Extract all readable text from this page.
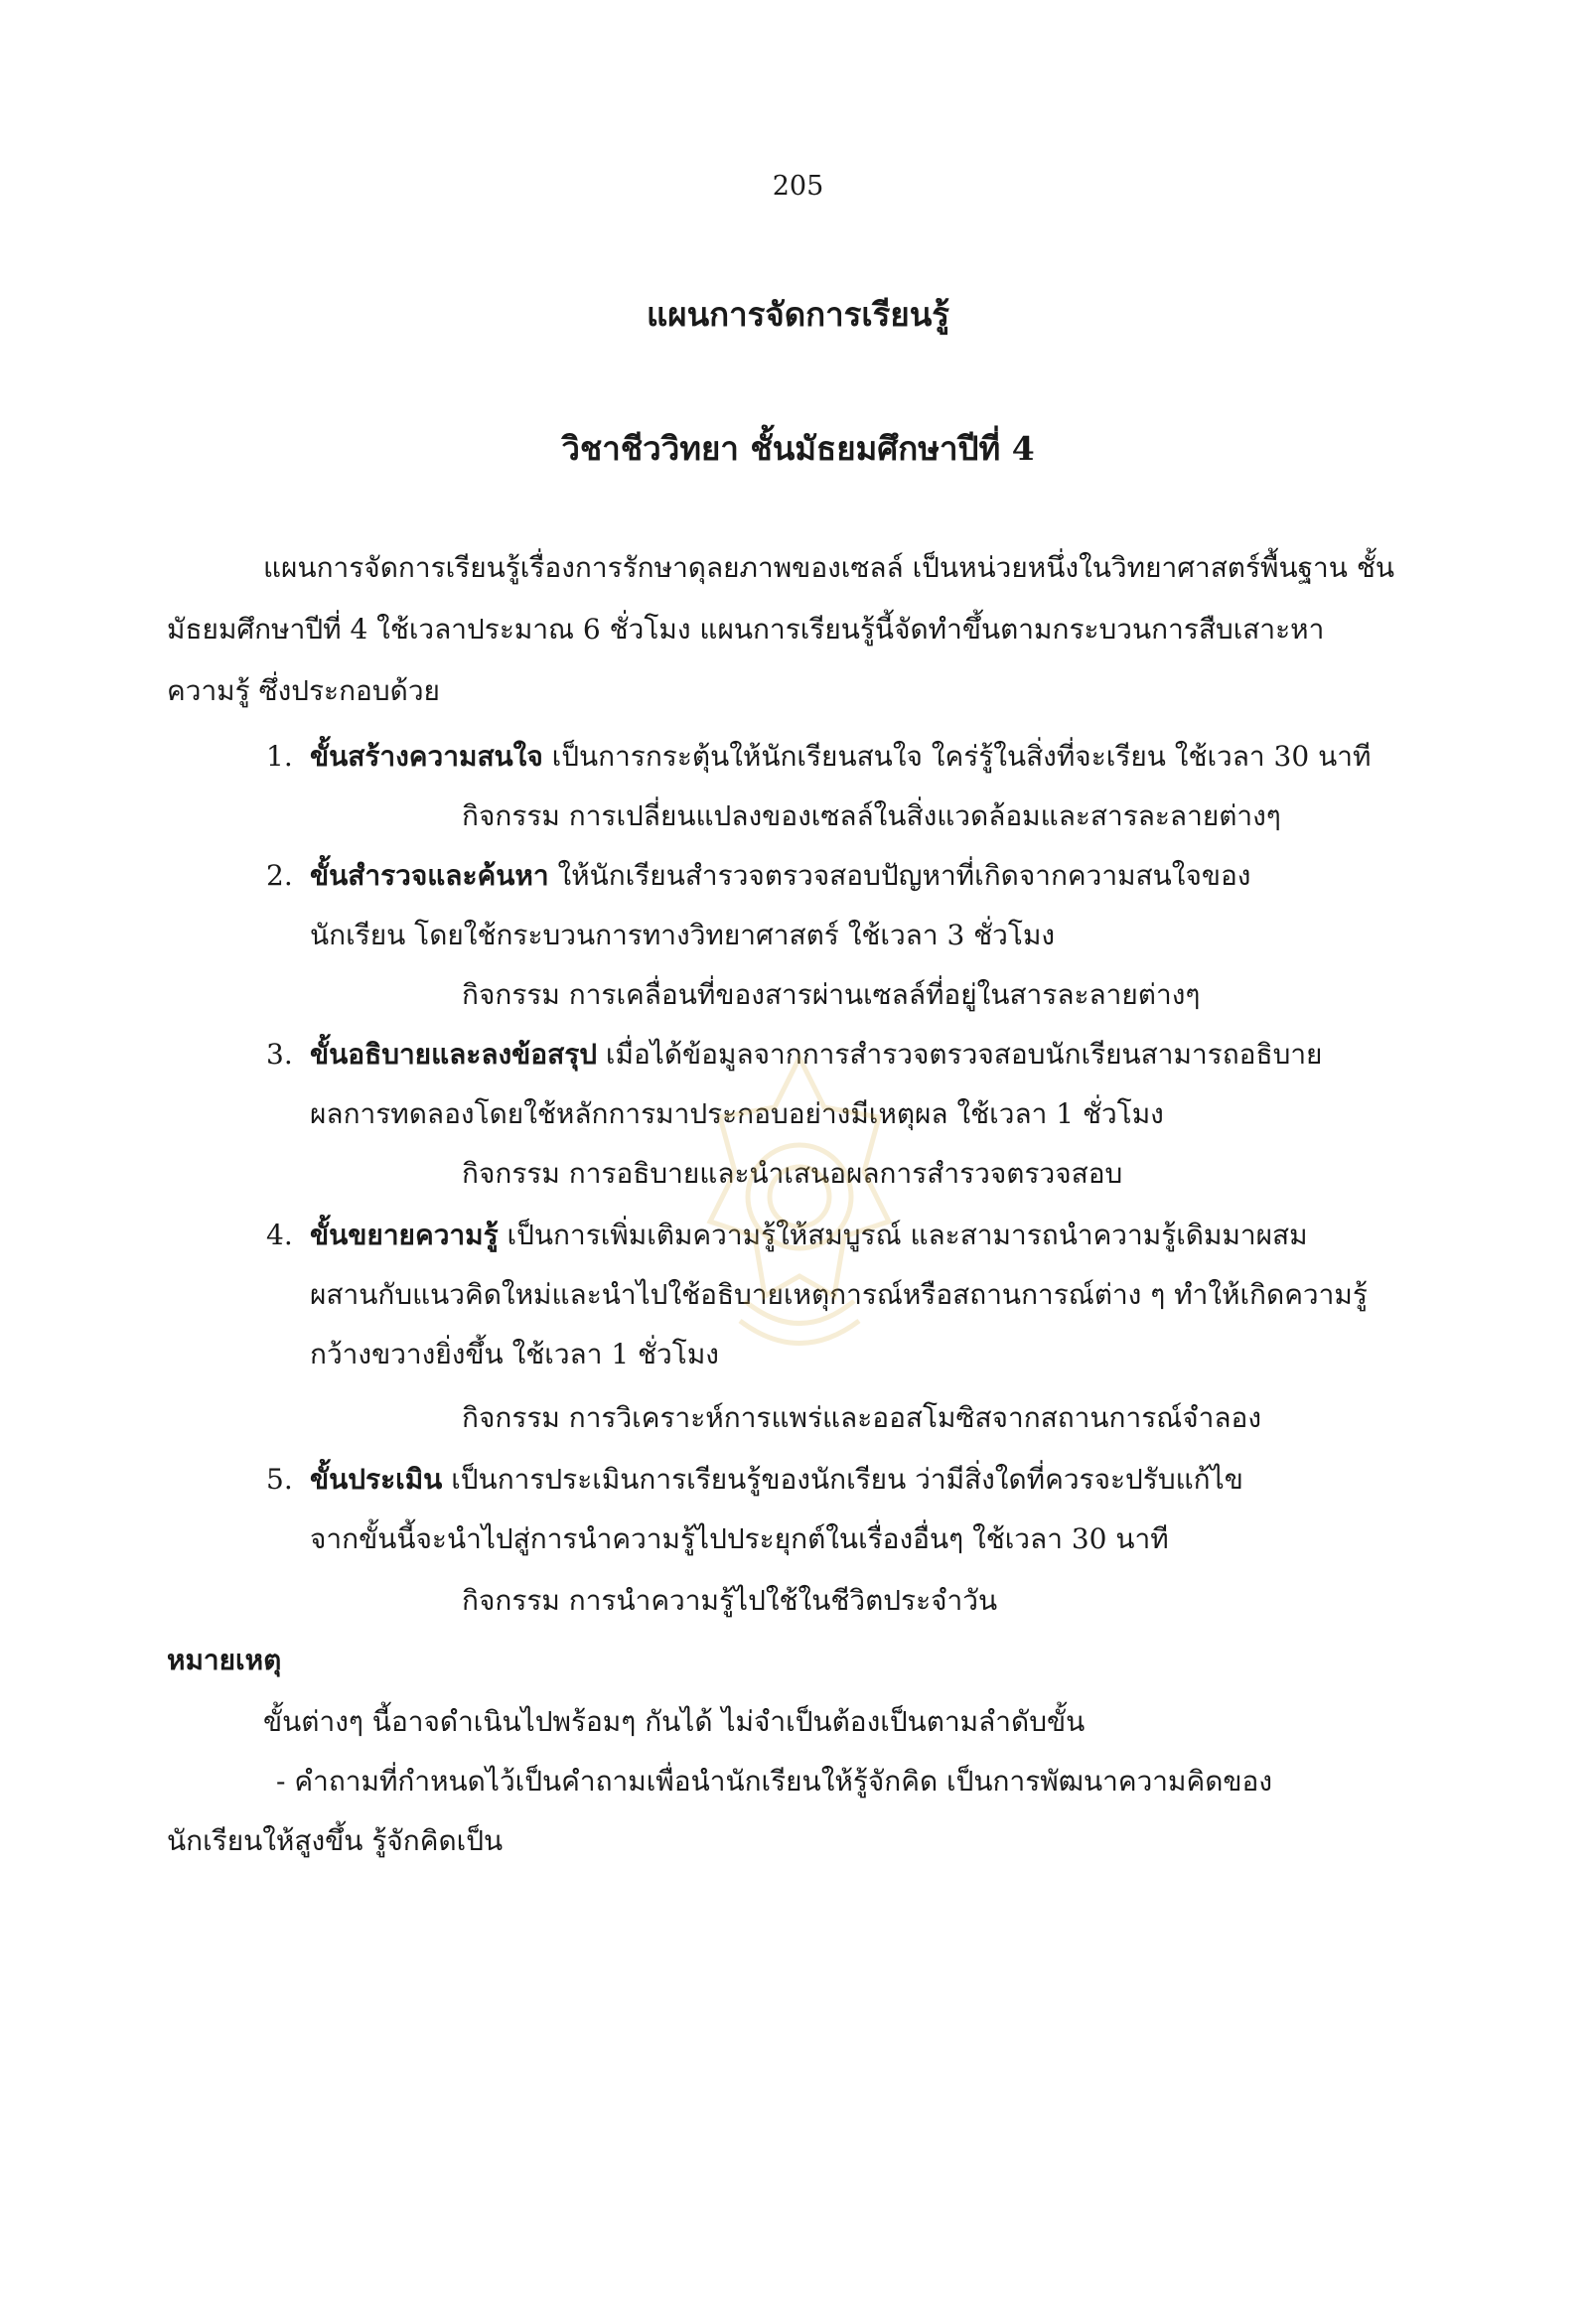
205
แผนการจัดการเรียนรู้
วิชาชีววิทยา ชั้นมัธยมศึกษาปีที่ 4
แผนการจัดการเรียนรู้เรื่องการรักษาดุลยภาพของเซลล์ เป็นหน่วยหนึ่งในวิทยาศาสตร์พื้นฐาน ชั้น
มัธยมศึกษาปีที่ 4 ใช้เวลาประมาณ 6 ชั่วโมง แผนการเรียนรู้นี้จัดทำขึ้นตามกระบวนการสืบเสาะหา
ความรู้ ซึ่งประกอบด้วย
1. ขั้นสร้างความสนใจ เป็นการกระตุ้นให้นักเรียนสนใจ ใคร่รู้ในสิ่งที่จะเรียน ใช้เวลา 30 นาที
กิจกรรม การเปลี่ยนแปลงของเซลล์ในสิ่งแวดล้อมและสารละลายต่างๆ
2. ขั้นสำรวจและค้นหา ให้นักเรียนสำรวจตรวจสอบปัญหาที่เกิดจากความสนใจของ
นักเรียน โดยใช้กระบวนการทางวิทยาศาสตร์ ใช้เวลา 3 ชั่วโมง
กิจกรรม การเคลื่อนที่ของสารผ่านเซลล์ที่อยู่ในสารละลายต่างๆ
3. ขั้นอธิบายและลงข้อสรุป เมื่อได้ข้อมูลจากการสำรวจตรวจสอบนักเรียนสามารถอธิบาย
ผลการทดลองโดยใช้หลักการมาประกอบอย่างมีเหตุผล ใช้เวลา 1 ชั่วโมง
กิจกรรม การอธิบายและนำเสนอผลการสำรวจตรวจสอบ
4. ขั้นขยายความรู้ เป็นการเพิ่มเติมความรู้ให้สมบูรณ์ และสามารถนำความรู้เดิมมาผสม
ผสานกับแนวคิดใหม่และนำไปใช้อธิบายเหตุการณ์หรือสถานการณ์ต่าง ๆ ทำให้เกิดความรู้
กว้างขวางยิ่งขึ้น ใช้เวลา 1 ชั่วโมง
กิจกรรม การวิเคราะห์การแพร่และออสโมซิสจากสถานการณ์จำลอง
5. ขั้นประเมิน เป็นการประเมินการเรียนรู้ของนักเรียน ว่ามีสิ่งใดที่ควรจะปรับแก้ไข
จากขั้นนี้จะนำไปสู่การนำความรู้ไปประยุกต์ในเรื่องอื่นๆ ใช้เวลา 30 นาที
กิจกรรม การนำความรู้ไปใช้ในชีวิตประจำวัน
หมายเหตุ
ขั้นต่างๆ นี้อาจดำเนินไปพร้อมๆ กันได้ ไม่จำเป็นต้องเป็นตามลำดับขั้น
- คำถามที่กำหนดไว้เป็นคำถามเพื่อนำนักเรียนให้รู้จักคิด เป็นการพัฒนาความคิดของ
นักเรียนให้สูงขึ้น รู้จักคิดเป็น
